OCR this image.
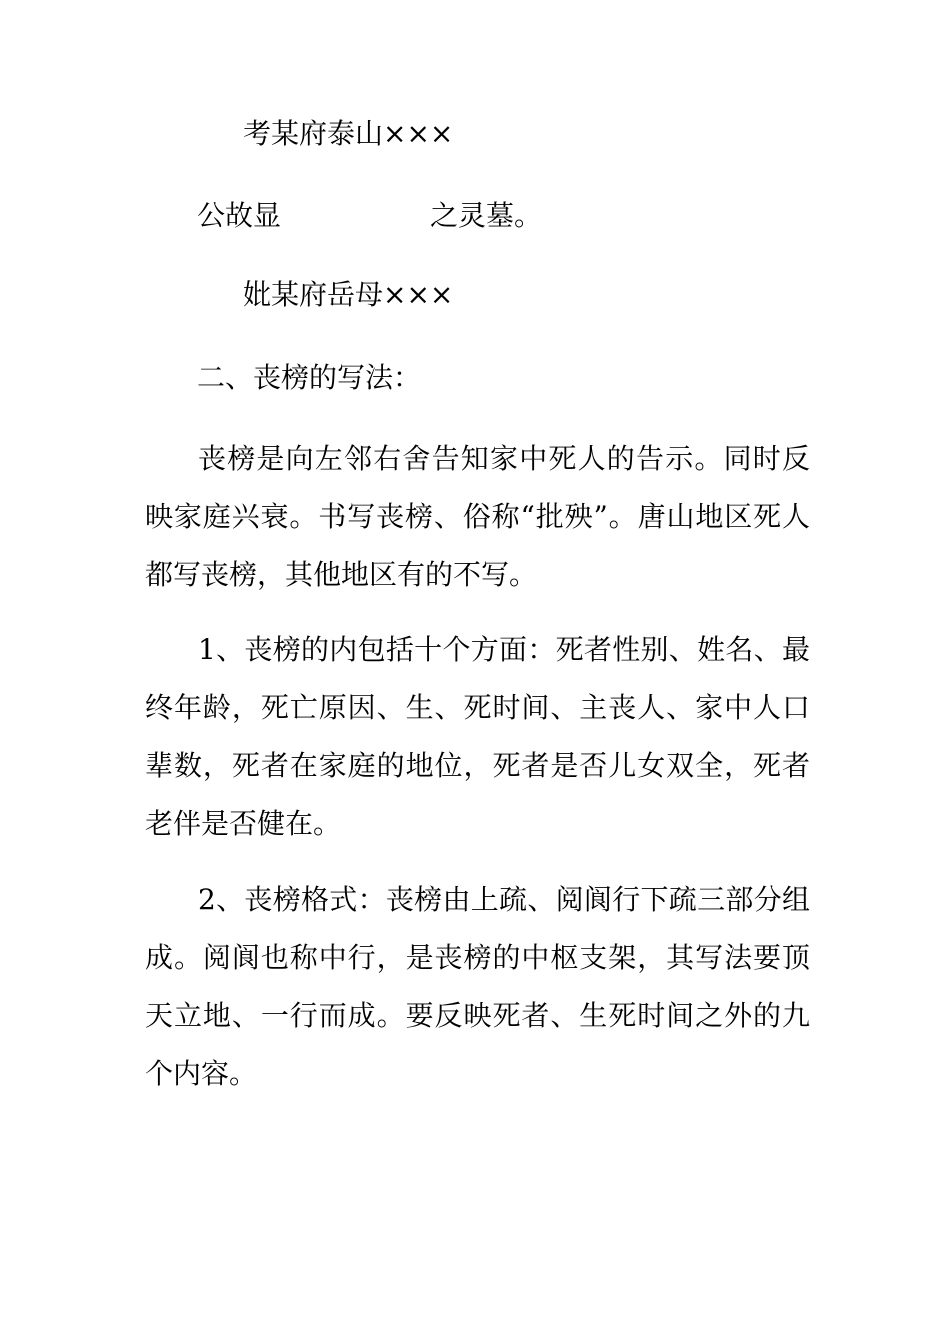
考某府泰山×××
公故显	之灵墓。
妣某府岳母×××
二、丧榜的写法：
丧榜是向左邻右舍告知家中死人的告示。同时反映家庭兴衰。书写丧榜、俗称“批殃”。唐山地区死人都写丧榜，其他地区有的不写。
1、丧榜的内包括十个方面：死者性别、姓名、最终年龄，死亡原因、生、死时间、主丧人、家中人口辈数，死者在家庭的地位，死者是否儿女双全，死者老伴是否健在。
2、丧榜格式：丧榜由上疏、阅阆行下疏三部分组成。阅阆也称中行，是丧榜的中枢支架，其写法要顶天立地、一行而成。要反映死者、生死时间之外的九个内容。
